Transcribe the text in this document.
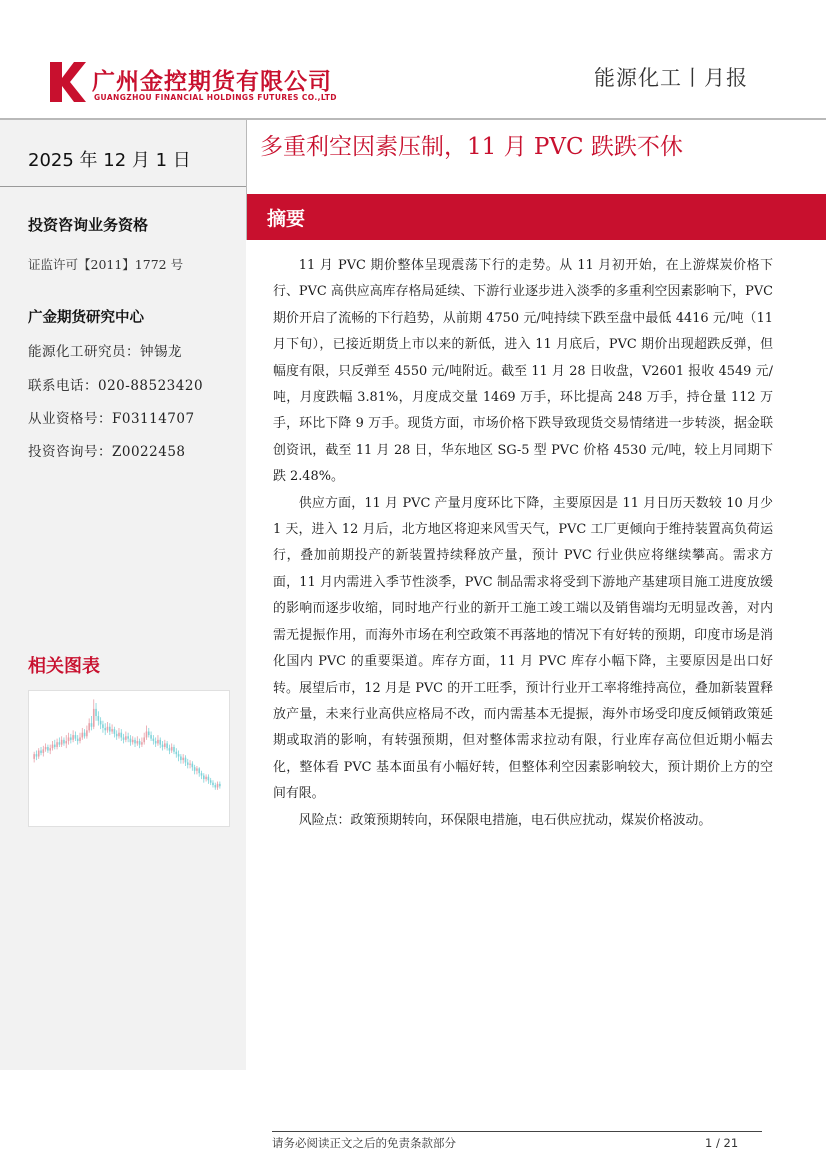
广州金控期货有限公司
GUANGZHOU FINANCIAL HOLDINGS FUTURES CO.,LTD
能源化工丨月报
2025 年 12 月 1 日
投资咨询业务资格
证监许可【2011】1772 号
广金期货研究中心
能源化工研究员：钟锡龙
联系电话：020-88523420
从业资格号：F03114707
投资咨询号：Z0022458
相关图表
多重利空因素压制，11 月 PVC 跌跌不休
摘要

11 月 PVC 期价整体呈现震荡下行的走势。从 11 月初开始，在上游煤炭价格下行、PVC 高供应高库存格局延续、下游行业逐步进入淡季的多重利空因素影响下，PVC 期价开启了流畅的下行趋势，从前期 4750 元/吨持续下跌至盘中最低 4416 元/吨（11 月下旬），已接近期货上市以来的新低，进入 11 月底后，PVC 期价出现超跌反弹，但幅度有限，只反弹至 4550 元/吨附近。截至 11 月 28 日收盘，V2601 报收 4549 元/吨，月度跌幅 3.81%，月度成交量 1469 万手，环比提高 248 万手，持仓量 112 万手，环比下降 9 万手。现货方面，市场价格下跌导致现货交易情绪进一步转淡，据金联创资讯，截至 11 月 28 日，华东地区 SG-5 型 PVC 价格 4530 元/吨，较上月同期下跌 2.48%。

供应方面，11 月 PVC 产量月度环比下降，主要原因是 11 月日历天数较 10 月少 1 天，进入 12 月后，北方地区将迎来风雪天气，PVC 工厂更倾向于维持装置高负荷运行，叠加前期投产的新装置持续释放产量，预计 PVC 行业供应将继续攀高。需求方面，11 月内需进入季节性淡季，PVC 制品需求将受到下游地产基建项目施工进度放缓的影响而逐步收缩，同时地产行业的新开工施工竣工端以及销售端均无明显改善，对内需无提振作用，而海外市场在利空政策不再落地的情况下有好转的预期，印度市场是消化国内 PVC 的重要渠道。库存方面，11 月 PVC 库存小幅下降，主要原因是出口好转。展望后市，12 月是 PVC 的开工旺季，预计行业开工率将维持高位，叠加新装置释放产量，未来行业高供应格局不改，而内需基本无提振，海外市场受印度反倾销政策延期或取消的影响，有转强预期，但对整体需求拉动有限，行业库存高位但近期小幅去化，整体看 PVC 基本面虽有小幅好转，但整体利空因素影响较大，预计期价上方的空间有限。

风险点：政策预期转向，环保限电措施，电石供应扰动，煤炭价格波动。

请务必阅读正文之后的免责条款部分	1 / 21
